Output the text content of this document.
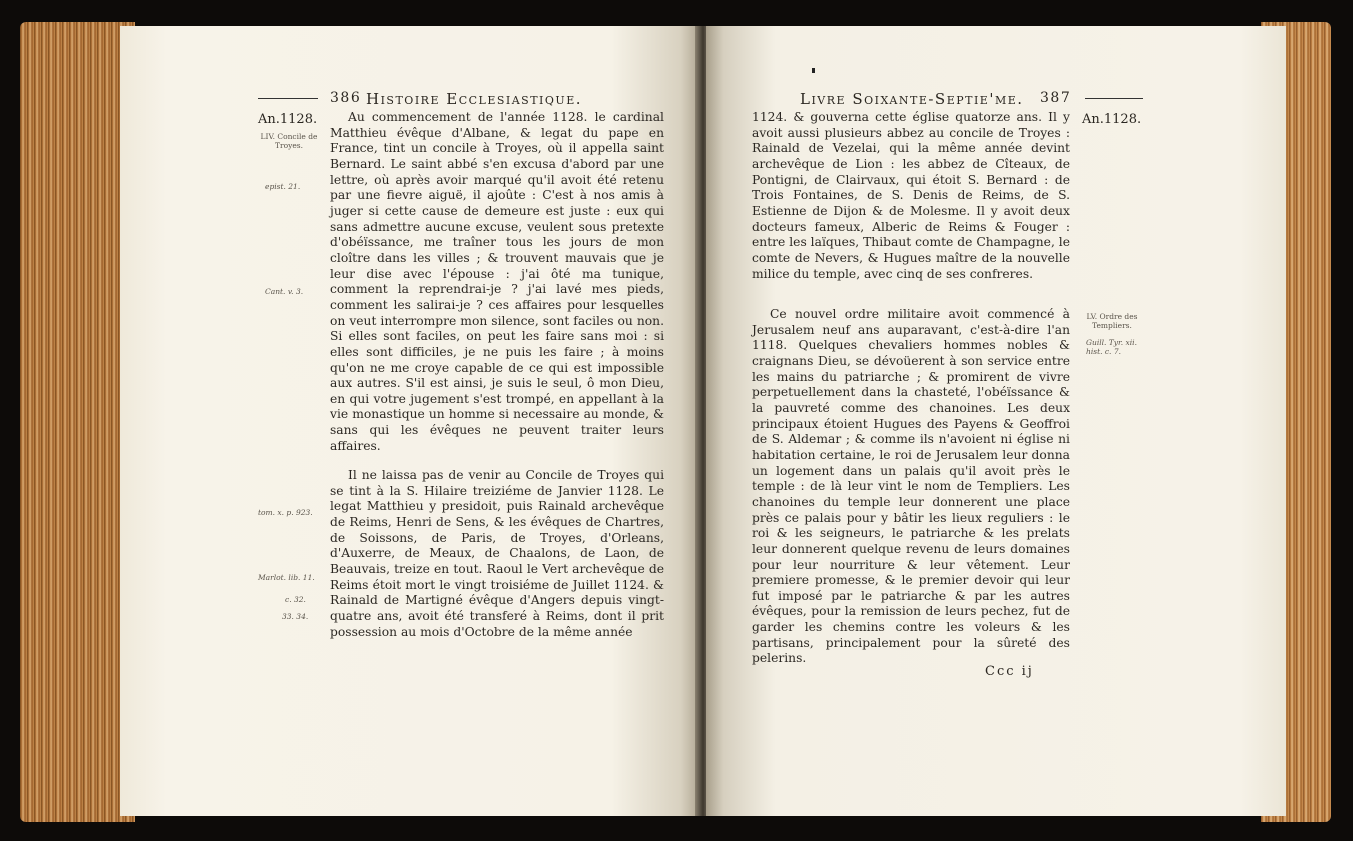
386 Histoire Ecclesiastique.
An.1128.
LIV. Concile de Troyes.
epist. 21.
Cant. v. 3.
tom. x. p. 923.
Marlot. lib. 11.
c. 32.
33. 34.

Au commencement de l'année 1128. le cardinal Matthieu évêque d'Albane, & legat du pape en France, tint un concile à Troyes, où il appella saint Bernard. Le saint abbé s'en excusa d'abord par une lettre, où après avoir marqué qu'il avoit été retenu par une fievre aiguë, il ajoûte : C'est à nos amis à juger si cette cause de demeure est juste : eux qui sans admettre aucune excuse, veulent sous pretexte d'obéïssance, me traîner tous les jours de mon cloître dans les villes ; & trouvent mauvais que je leur dise avec l'épouse : j'ai ôté ma tunique, comment la reprendrai-je ? j'ai lavé mes pieds, comment les salirai-je ? ces affaires pour lesquelles on veut interrompre mon silence, sont faciles ou non. Si elles sont faciles, on peut les faire sans moi : si elles sont difficiles, je ne puis les faire ; à moins qu'on ne me croye capable de ce qui est impossible aux autres. S'il est ainsi, je suis le seul, ô mon Dieu, en qui votre jugement s'est trompé, en appellant à la vie monastique un homme si necessaire au monde, & sans qui les évêques ne peuvent traiter leurs affaires.

Il ne laissa pas de venir au Concile de Troyes qui se tint à la S. Hilaire treiziéme de Janvier 1128. Le legat Matthieu y presidoit, puis Rainald archevêque de Reims, Henri de Sens, & les évêques de Chartres, de Soissons, de Paris, de Troyes, d'Orleans, d'Auxerre, de Meaux, de Chaalons, de Laon, de Beauvais, treize en tout. Raoul le Vert archevêque de Reims étoit mort le vingt troisiéme de Juillet 1124. & Rainald de Martigné évêque d'Angers depuis vingt-quatre ans, avoit été transferé à Reims, dont il prit possession au mois d'Octobre de la même année

Livre Soixante-Septie'me. 387
An.1128.
LV. Ordre des Templiers.
Guill. Tyr. xii. hist. c. 7.

1124. & gouverna cette église quatorze ans. Il y avoit aussi plusieurs abbez au concile de Troyes : Rainald de Vezelai, qui la même année devint archevêque de Lion : les abbez de Cîteaux, de Pontigni, de Clairvaux, qui étoit S. Bernard : de Trois Fontaines, de S. Denis de Reims, de S. Estienne de Dijon & de Molesme. Il y avoit deux docteurs fameux, Alberic de Reims & Fouger : entre les laïques, Thibaut comte de Champagne, le comte de Nevers, & Hugues maître de la nouvelle milice du temple, avec cinq de ses confreres.

Ce nouvel ordre militaire avoit commencé à Jerusalem neuf ans auparavant, c'est-à-dire l'an 1118. Quelques chevaliers hommes nobles & craignans Dieu, se dévoüerent à son service entre les mains du patriarche ; & promirent de vivre perpetuellement dans la chasteté, l'obéïssance & la pauvreté comme des chanoines. Les deux principaux étoient Hugues des Payens & Geoffroi de S. Aldemar ; & comme ils n'avoient ni église ni habitation certaine, le roi de Jerusalem leur donna un logement dans un palais qu'il avoit près le temple : de là leur vint le nom de Templiers. Les chanoines du temple leur donnerent une place près ce palais pour y bâtir les lieux reguliers : le roi & les seigneurs, le patriarche & les prelats leur donnerent quelque revenu de leurs domaines pour leur nourriture & leur vêtement. Leur premiere promesse, & le premier devoir qui leur fut imposé par le patriarche & par les autres évêques, pour la remission de leurs pechez, fut de garder les chemins contre les voleurs & les partisans, principalement pour la sûreté des pelerins.

Ccc ij
